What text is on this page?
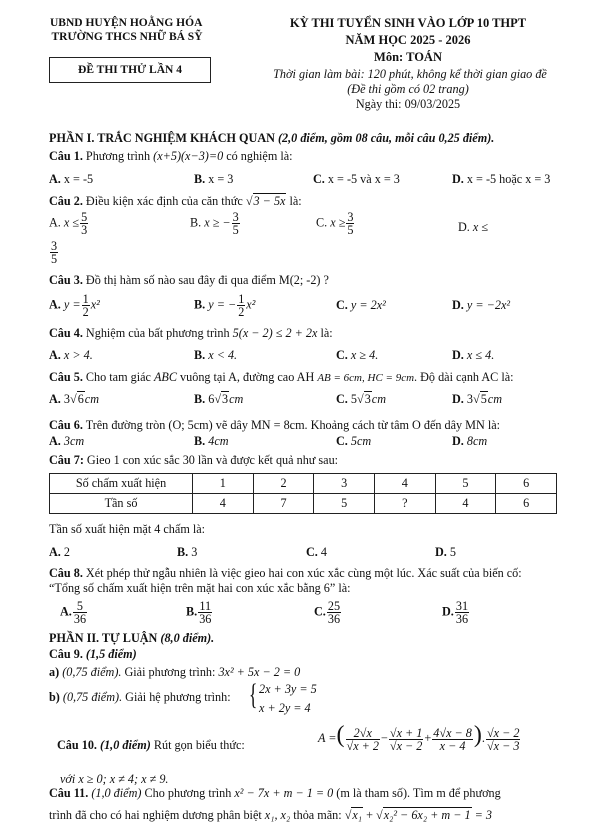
UBND HUYỆN HOẰNG HÓA
TRƯỜNG THCS NHỮ BÁ SỸ
ĐỀ THI THỬ LẦN 4
KỲ THI TUYỂN SINH VÀO LỚP 10 THPT
NĂM HỌC 2025 - 2026
Môn: TOÁN
Thời gian làm bài: 120 phút, không kể thời gian giao đề
(Đề thi gồm có 02 trang)
Ngày thi: 09/03/2025
PHẦN I. TRẮC NGHIỆM KHÁCH QUAN (2,0 điểm, gồm 08 câu, mỗi câu 0,25 điểm).
Câu 1. Phương trình (x+5)(x−3)=0 có nghiệm là:
A. x = -5	B. x = 3	C. x = -5 và x = 3	D. x = -5 hoặc x = 3
Câu 2. Điều kiện xác định của căn thức √3 − 5x là:
A. $x \le \frac{5}{3}$	B. x ≥ − $\frac{3}{5}$	C. $x \ge \frac{3}{5}$	D. x ≤
$\frac{3}{5}$
Câu 3. Đồ thị hàm số nào sau đây đi qua điểm M(2; -2) ?
A. $y = \frac{1}{2} x^2$	B. y = − $\frac{1}{2} x^2$	C. y = 2x²	D. y = −2x²
Câu 4. Nghiệm của bất phương trình 5(x − 2) ≤ 2 + 2x là:
A. x > 4.	B. x < 4.	C. x ≥ 4.	D. x ≤ 4.
Câu 5. Cho tam giác ABC vuông tại A, đường cao AH AB = 6cm, HC = 9cm. Độ dài cạnh AC là:
A. 3√6cm	B. 6√3cm	C. 5√3cm	D. 3√5cm
Câu 6. Trên đường tròn (O; 5cm) vẽ dây MN = 8cm. Khoảng cách từ tâm O đến dây MN là:
A. 3cm	B. 4cm	C. 5cm	D. 8cm
Câu 7: Gieo 1 con xúc sắc 30 lần và được kết quả như sau:
Số chấm xuất hiện	1	2	3	4	5	6
Tần số	4	7	5	?	4	6
Tần số xuất hiện mặt 4 chấm là:
A. 2	B. 3	C. 4	D. 5
Câu 8. Xét phép thử ngẫu nhiên là việc gieo hai con xúc xắc cùng một lúc. Xác suất của biến cố:
“Tổng số chấm xuất hiện trên mặt hai con xúc xắc bằng 6” là:
A. $\frac{5}{36}$	B. $\frac{11}{36}$	C. $\frac{25}{36}$	D. $\frac{31}{36}$
PHẦN II. TỰ LUẬN (8,0 điểm).
Câu 9. (1,5 điểm)
a) (0,75 điểm). Giải phương trình: 3x² + 5x − 2 = 0
b) (0,75 điểm). Giải hệ phương trình: { 2x + 3y = 5
x + 2y = 4
Câu 10. (1,0 điểm) Rút gọn biểu thức:	A =( $\frac{2√x}{√x + 2} - \frac{√x + 1}{√x - 2} + \frac{4√x - 8}{x - 4}$ ). $\frac{√x - 2}{√x - 3}$
với x ≥ 0; x ≠ 4; x ≠ 9.
Câu 11. (1,0 điểm) Cho phương trình x² − 7x + m − 1 = 0 (m là tham số). Tìm m để phương
trình đã cho có hai nghiệm dương phân biệt x₁, x₂ thỏa mãn: √x₁ + √x₂² − 6x₂ + m − 1 = 3
